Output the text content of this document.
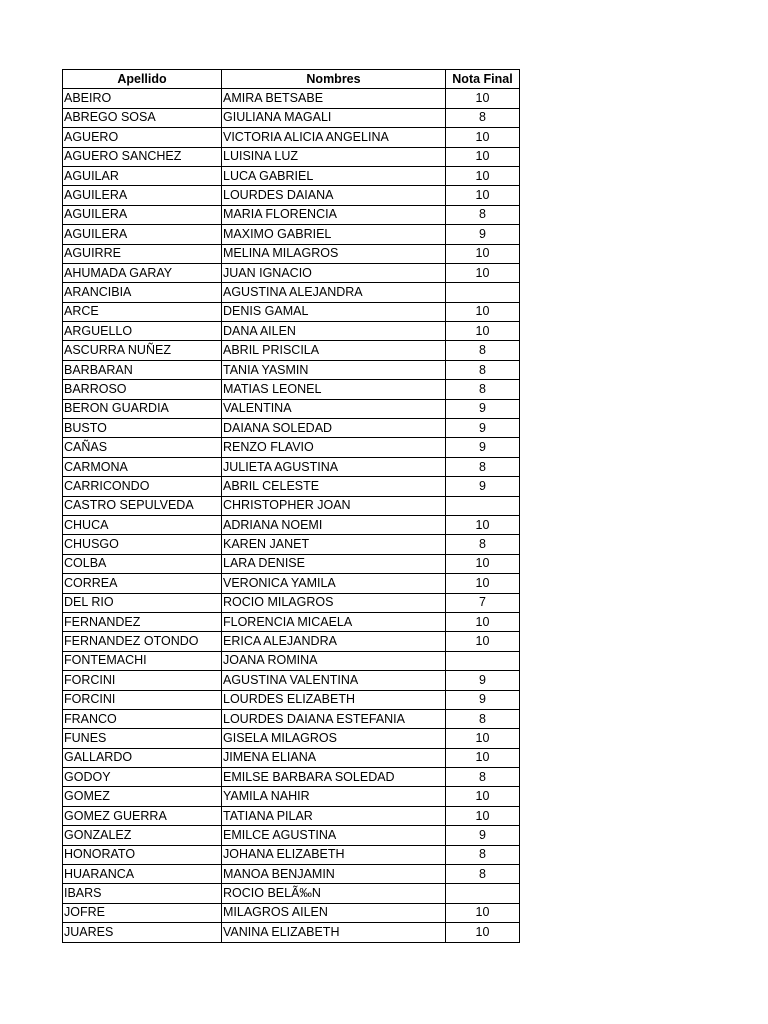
Apellido	Nombres	Nota Final
ABEIRO	AMIRA BETSABE	10
ABREGO SOSA	GIULIANA MAGALI	8
AGUERO	VICTORIA ALICIA ANGELINA	10
AGUERO SANCHEZ	LUISINA LUZ	10
AGUILAR	LUCA GABRIEL	10
AGUILERA	LOURDES DAIANA	10
AGUILERA	MARIA FLORENCIA	8
AGUILERA	MAXIMO GABRIEL	9
AGUIRRE	MELINA MILAGROS	10
AHUMADA GARAY	JUAN IGNACIO	10
ARANCIBIA	AGUSTINA ALEJANDRA	
ARCE	DENIS GAMAL	10
ARGUELLO	DANA AILEN	10
ASCURRA NUÑEZ	ABRIL PRISCILA	8
BARBARAN	TANIA YASMIN	8
BARROSO	MATIAS LEONEL	8
BERON GUARDIA	VALENTINA	9
BUSTO	DAIANA SOLEDAD	9
CAÑAS	RENZO FLAVIO	9
CARMONA	JULIETA AGUSTINA	8
CARRICONDO	ABRIL CELESTE	9
CASTRO SEPULVEDA	CHRISTOPHER JOAN	
CHUCA	ADRIANA NOEMI	10
CHUSGO	KAREN JANET	8
COLBA	LARA DENISE	10
CORREA	VERONICA YAMILA	10
DEL RIO	ROCIO MILAGROS	7
FERNANDEZ	FLORENCIA MICAELA	10
FERNANDEZ OTONDO	ERICA ALEJANDRA	10
FONTEMACHI	JOANA ROMINA	
FORCINI	AGUSTINA VALENTINA	9
FORCINI	LOURDES ELIZABETH	9
FRANCO	LOURDES DAIANA ESTEFANIA	8
FUNES	GISELA MILAGROS	10
GALLARDO	JIMENA ELIANA	10
GODOY	EMILSE BARBARA SOLEDAD	8
GOMEZ	YAMILA NAHIR	10
GOMEZ GUERRA	TATIANA PILAR	10
GONZALEZ	EMILCE AGUSTINA	9
HONORATO	JOHANA ELIZABETH	8
HUARANCA	MANOA BENJAMIN	8
IBARS	ROCIO BELÃ‰N	
JOFRE	MILAGROS AILEN	10
JUARES	VANINA ELIZABETH	10
